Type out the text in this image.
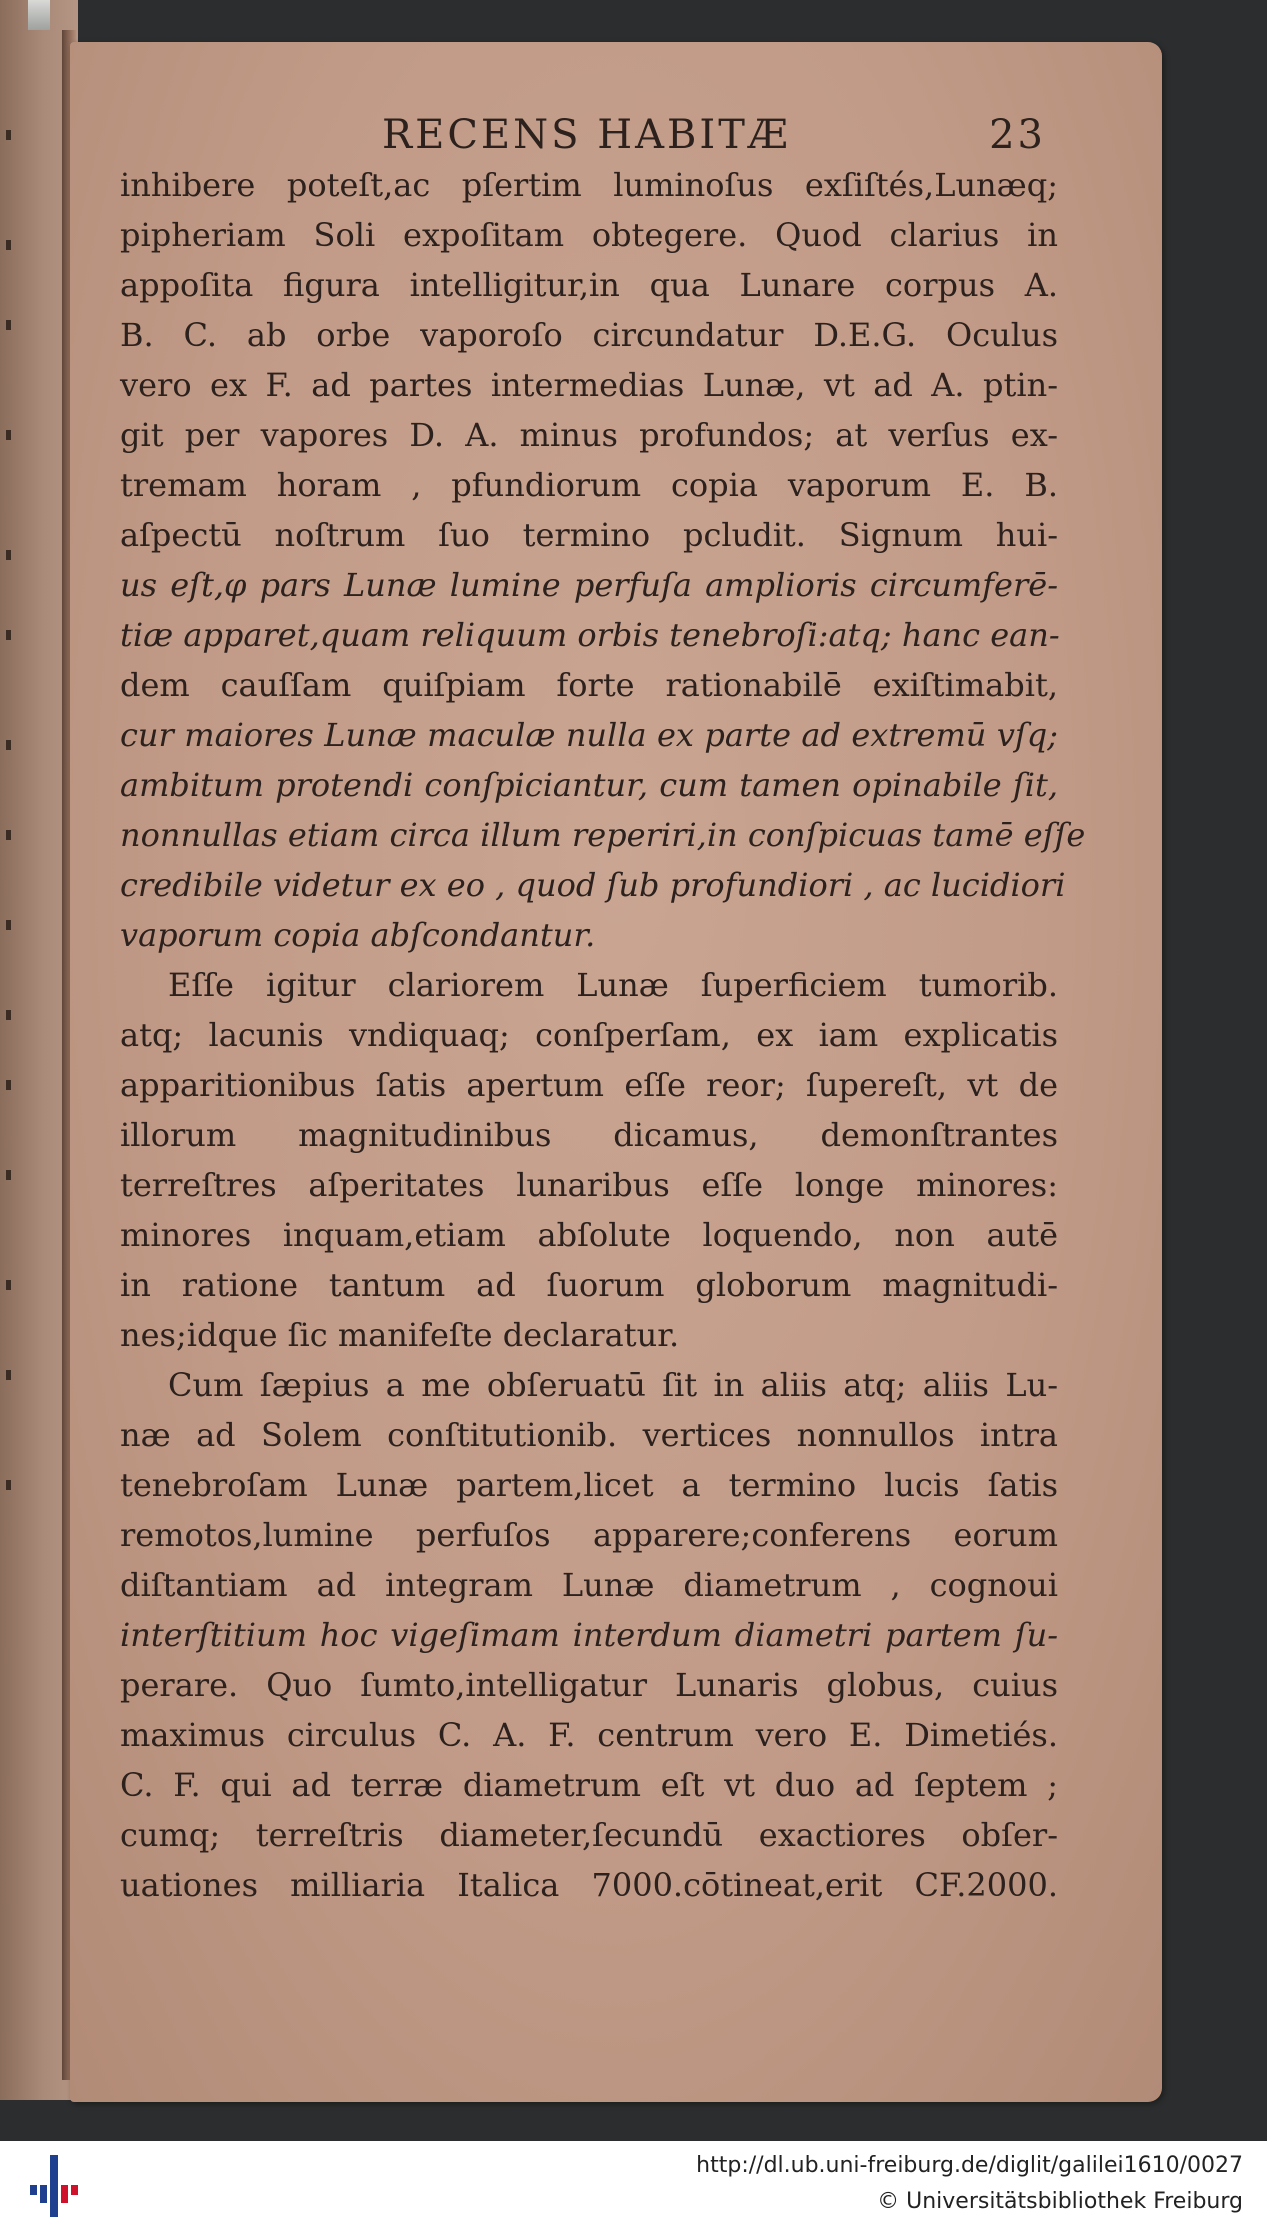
RECENS HABITÆ	23
inhibere poteſt,ac pſertim luminoſus exſiſtés,Lunæq;
pipheriam Soli expoſitam obtegere. Quod clarius in
appoſita figura intelligitur,in qua Lunare corpus A.
B. C. ab orbe vaporoſo circundatur D.E.G. Oculus
vero ex F. ad partes intermedias Lunæ, vt ad A. ptin-
git per vapores D. A. minus profundos; at verſus ex-
tremam horam , pfundiorum copia vaporum E. B.
aſpectū noſtrum ſuo termino pcludit. Signum hui-
us eſt,φ pars Lunæ lumine perfuſa amplioris circumferē-
tiæ apparet,quam reliquum orbis tenebroſi:atq; hanc ean-
dem cauſſam quiſpiam forte rationabilē exiſtimabit,
cur maiores Lunæ maculæ nulla ex parte ad extremū vſq;
ambitum protendi conſpiciantur, cum tamen opinabile ſit,
nonnullas etiam circa illum reperiri,in conſpicuas tamē eſſe
credibile videtur ex eo , quod ſub profundiori , ac lucidiori
vaporum copia abſcondantur.
Eſſe igitur clariorem Lunæ ſuperficiem tumorib.
atq; lacunis vndiquaq; conſperſam, ex iam explicatis
apparitionibus ſatis apertum eſſe reor; ſupereſt, vt de
illorum magnitudinibus dicamus, demonſtrantes
terreſtres aſperitates lunaribus eſſe longe minores:
minores inquam,etiam abſolute loquendo, non autē
in ratione tantum ad ſuorum globorum magnitudi-
nes;idque ſic manifeſte declaratur.
Cum ſæpius a me obſeruatū ſit in aliis atq; aliis Lu-
næ ad Solem conſtitutionib. vertices nonnullos intra
tenebroſam Lunæ partem,licet a termino lucis ſatis
remotos,lumine perfuſos apparere;conferens eorum
diſtantiam ad integram Lunæ diametrum , cognoui
interſtitium hoc vigeſimam interdum diametri partem ſu-
perare. Quo ſumto,intelligatur Lunaris globus, cuius
maximus circulus C. A. F. centrum vero E. Dimetiés.
C. F. qui ad terræ diametrum eſt vt duo ad ſeptem ;
cumq; terreſtris diameter,ſecundū exactiores obſer-
uationes milliaria Italica 7000.cōtineat,erit CF.2000.
http://dl.ub.uni-freiburg.de/diglit/galilei1610/0027
© Universitätsbibliothek Freiburg
